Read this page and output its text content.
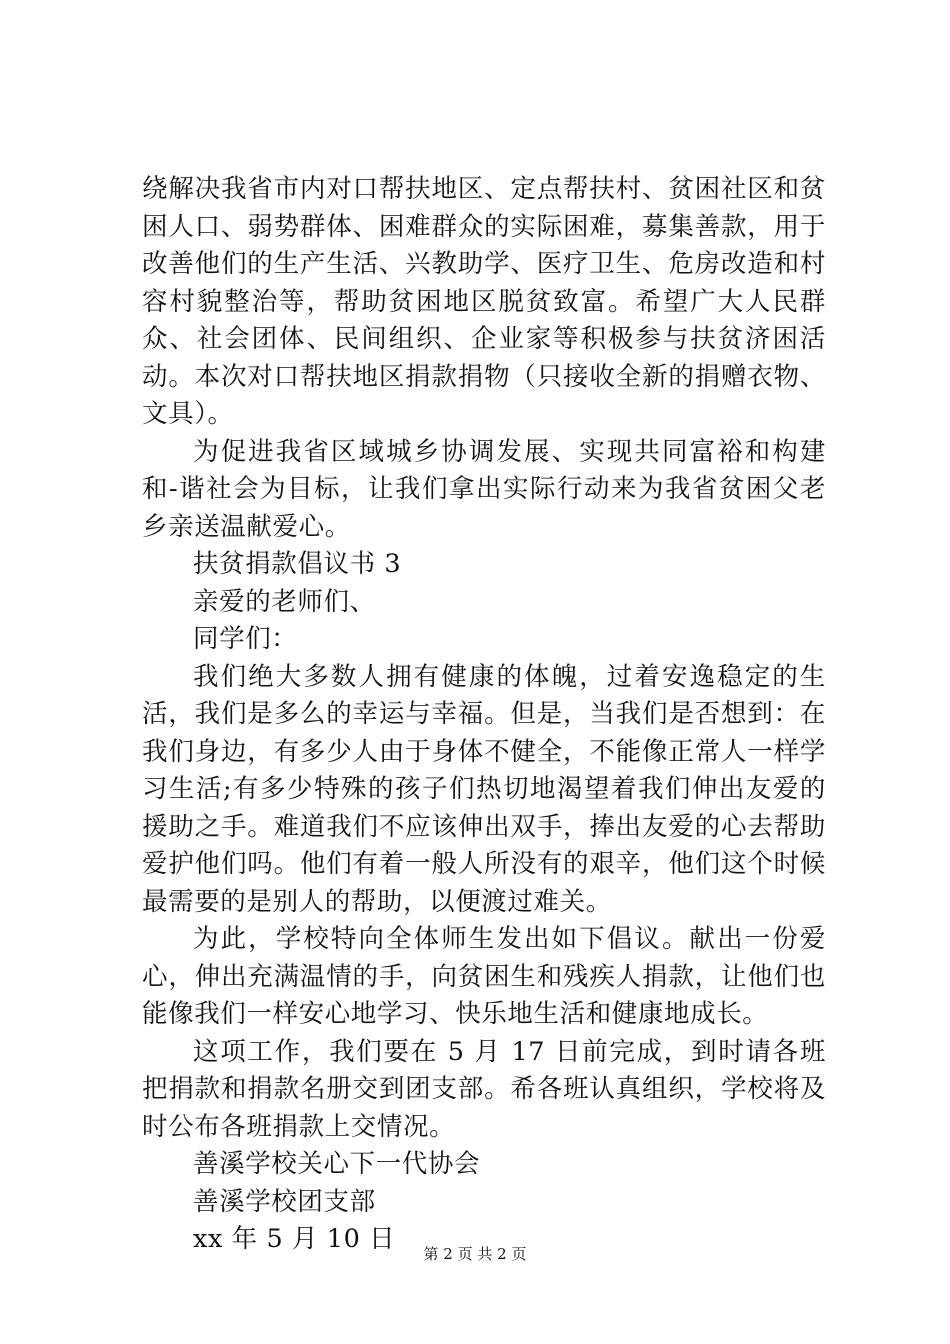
绕解决我省市内对口帮扶地区、定点帮扶村、贫困社区和贫困人口、弱势群体、困难群众的实际困难，募集善款，用于改善他们的生产生活、兴教助学、医疗卫生、危房改造和村容村貌整治等，帮助贫困地区脱贫致富。希望广大人民群众、社会团体、民间组织、企业家等积极参与扶贫济困活动。本次对口帮扶地区捐款捐物（只接收全新的捐赠衣物、文具）。

为促进我省区域城乡协调发展、实现共同富裕和构建和-谐社会为目标，让我们拿出实际行动来为我省贫困父老乡亲送温献爱心。

扶贫捐款倡议书 3

亲爱的老师们、

同学们：

我们绝大多数人拥有健康的体魄，过着安逸稳定的生活，我们是多么的幸运与幸福。但是，当我们是否想到：在我们身边，有多少人由于身体不健全，不能像正常人一样学习生活;有多少特殊的孩子们热切地渴望着我们伸出友爱的援助之手。难道我们不应该伸出双手，捧出友爱的心去帮助爱护他们吗。他们有着一般人所没有的艰辛，他们这个时候最需要的是别人的帮助，以便渡过难关。

为此，学校特向全体师生发出如下倡议。献出一份爱心，伸出充满温情的手，向贫困生和残疾人捐款，让他们也能像我们一样安心地学习、快乐地生活和健康地成长。

这项工作，我们要在 5 月 17 日前完成，到时请各班把捐款和捐款名册交到团支部。希各班认真组织，学校将及时公布各班捐款上交情况。

善溪学校关心下一代协会

善溪学校团支部

xx 年 5 月 10 日	第 2 页 共 2 页
